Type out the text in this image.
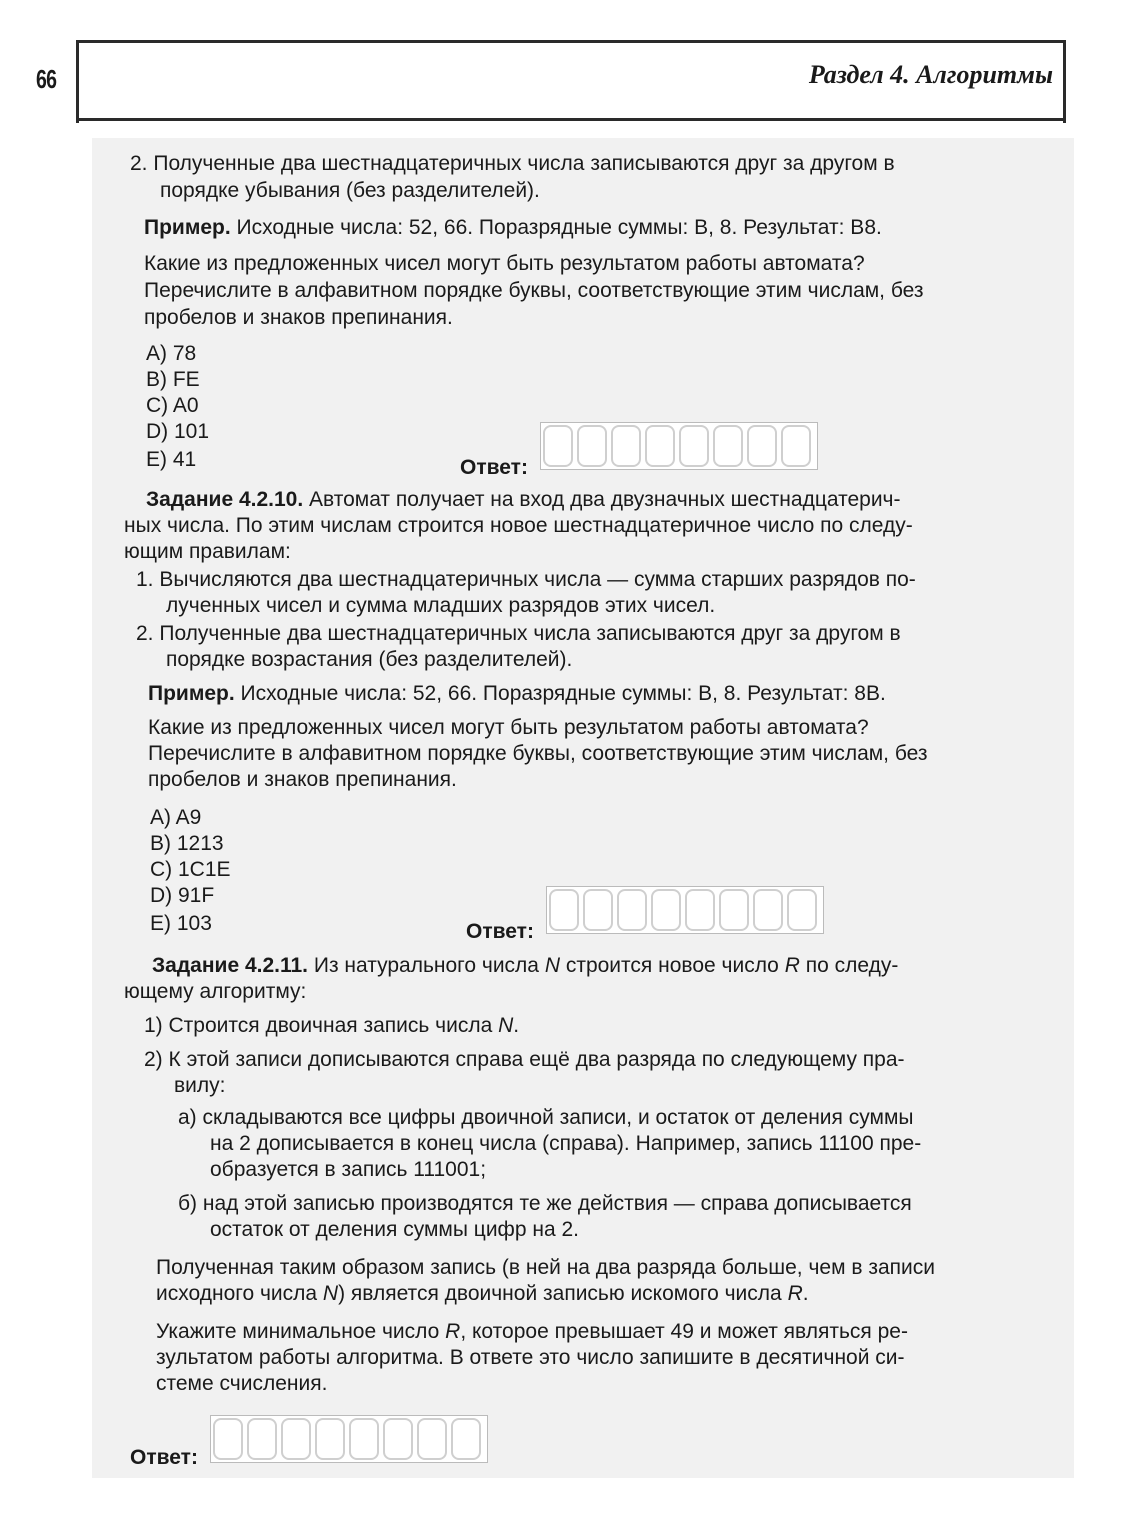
66	Раздел 4. Алгоритмы
2. Полученные два шестнадцатеричных числа записываются друг за другом в
порядке убывания (без разделителей).
Пример. Исходные числа: 52, 66. Поразрядные суммы: B, 8. Результат: B8.
Какие из предложенных чисел могут быть результатом работы автомата?
Перечислите в алфавитном порядке буквы, соответствующие этим числам, без
пробелов и знаков препинания.
A) 78
B) FE
C) A0
D) 101
E) 41	Ответ:
Задание 4.2.10. Автомат получает на вход два двузначных шестнадцатерич-
ных числа. По этим числам строится новое шестнадцатеричное число по следу-
ющим правилам:
1. Вычисляются два шестнадцатеричных числа — сумма старших разрядов по-
лученных чисел и сумма младших разрядов этих чисел.
2. Полученные два шестнадцатеричных числа записываются друг за другом в
порядке возрастания (без разделителей).
Пример. Исходные числа: 52, 66. Поразрядные суммы: B, 8. Результат: 8B.
Какие из предложенных чисел могут быть результатом работы автомата?
Перечислите в алфавитном порядке буквы, соответствующие этим числам, без
пробелов и знаков препинания.
A) A9
B) 1213
C) 1C1E
D) 91F
E) 103	Ответ:
Задание 4.2.11. Из натурального числа N строится новое число R по следу-
ющему алгоритму:
1) Строится двоичная запись числа N.
2) К этой записи дописываются справа ещё два разряда по следующему пра-
вилу:
а) складываются все цифры двоичной записи, и остаток от деления суммы
на 2 дописывается в конец числа (справа). Например, запись 11100 пре-
образуется в запись 111001;
б) над этой записью производятся те же действия — справа дописывается
остаток от деления суммы цифр на 2.
Полученная таким образом запись (в ней на два разряда больше, чем в записи
исходного числа N) является двоичной записью искомого числа R.
Укажите минимальное число R, которое превышает 49 и может являться ре-
зультатом работы алгоритма. В ответе это число запишите в десятичной си-
стеме счисления.
Ответ:
